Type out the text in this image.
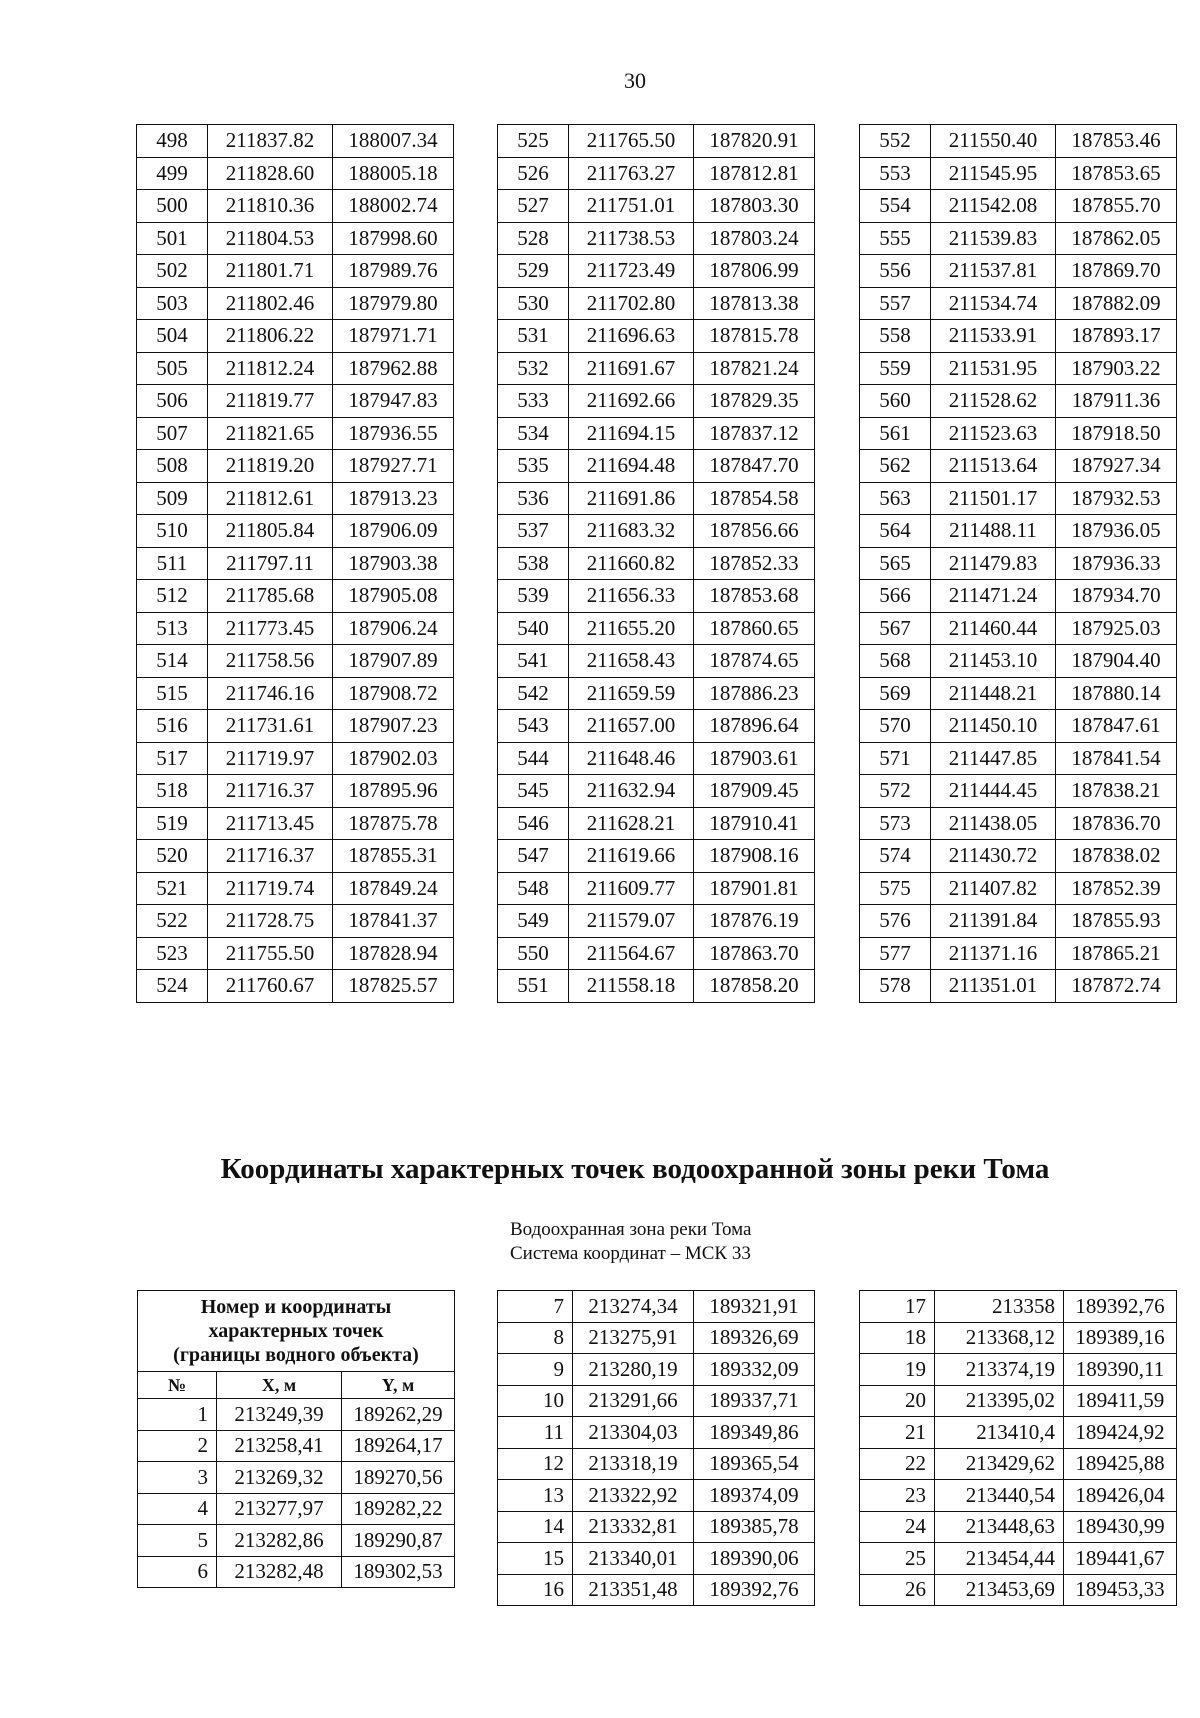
30
498	211837.82	188007.34
499	211828.60	188005.18
500	211810.36	188002.74
501	211804.53	187998.60
502	211801.71	187989.76
503	211802.46	187979.80
504	211806.22	187971.71
505	211812.24	187962.88
506	211819.77	187947.83
507	211821.65	187936.55
508	211819.20	187927.71
509	211812.61	187913.23
510	211805.84	187906.09
511	211797.11	187903.38
512	211785.68	187905.08
513	211773.45	187906.24
514	211758.56	187907.89
515	211746.16	187908.72
516	211731.61	187907.23
517	211719.97	187902.03
518	211716.37	187895.96
519	211713.45	187875.78
520	211716.37	187855.31
521	211719.74	187849.24
522	211728.75	187841.37
523	211755.50	187828.94
524	211760.67	187825.57
525	211765.50	187820.91
526	211763.27	187812.81
527	211751.01	187803.30
528	211738.53	187803.24
529	211723.49	187806.99
530	211702.80	187813.38
531	211696.63	187815.78
532	211691.67	187821.24
533	211692.66	187829.35
534	211694.15	187837.12
535	211694.48	187847.70
536	211691.86	187854.58
537	211683.32	187856.66
538	211660.82	187852.33
539	211656.33	187853.68
540	211655.20	187860.65
541	211658.43	187874.65
542	211659.59	187886.23
543	211657.00	187896.64
544	211648.46	187903.61
545	211632.94	187909.45
546	211628.21	187910.41
547	211619.66	187908.16
548	211609.77	187901.81
549	211579.07	187876.19
550	211564.67	187863.70
551	211558.18	187858.20
552	211550.40	187853.46
553	211545.95	187853.65
554	211542.08	187855.70
555	211539.83	187862.05
556	211537.81	187869.70
557	211534.74	187882.09
558	211533.91	187893.17
559	211531.95	187903.22
560	211528.62	187911.36
561	211523.63	187918.50
562	211513.64	187927.34
563	211501.17	187932.53
564	211488.11	187936.05
565	211479.83	187936.33
566	211471.24	187934.70
567	211460.44	187925.03
568	211453.10	187904.40
569	211448.21	187880.14
570	211450.10	187847.61
571	211447.85	187841.54
572	211444.45	187838.21
573	211438.05	187836.70
574	211430.72	187838.02
575	211407.82	187852.39
576	211391.84	187855.93
577	211371.16	187865.21
578	211351.01	187872.74
Координаты характерных точек водоохранной зоны реки Тома
Водоохранная зона реки Тома
Система координат – МСК 33
Номер и координаты
характерных точек
(границы водного объекта)		

№	X, м	Y, м
1	213249,39	189262,29
2	213258,41	189264,17
3	213269,32	189270,56
4	213277,97	189282,22
5	213282,86	189290,87
6	213282,48	189302,53
7	213274,34	189321,91
8	213275,91	189326,69
9	213280,19	189332,09
10	213291,66	189337,71
11	213304,03	189349,86
12	213318,19	189365,54
13	213322,92	189374,09
14	213332,81	189385,78
15	213340,01	189390,06
16	213351,48	189392,76
17	213358	189392,76
18	213368,12	189389,16
19	213374,19	189390,11
20	213395,02	189411,59
21	213410,4	189424,92
22	213429,62	189425,88
23	213440,54	189426,04
24	213448,63	189430,99
25	213454,44	189441,67
26	213453,69	189453,33
